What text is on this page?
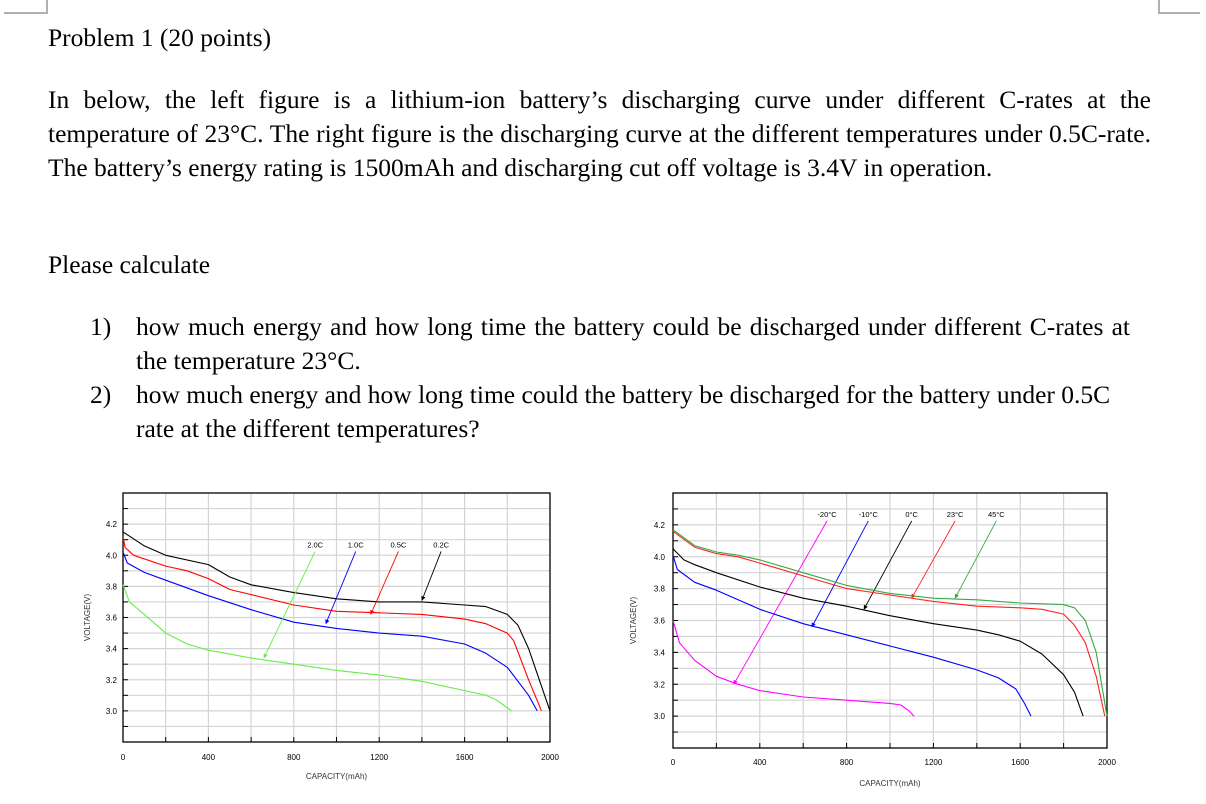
Problem 1 (20 points)
In below, the left figure is a lithium-ion battery’s discharging curve under different C-rates at the temperature of 23°C. The right figure is the discharging curve at the different temperatures under 0.5C-rate. The battery’s energy rating is 1500mAh and discharging cut off voltage is 3.4V in operation.
Please calculate
1) how much energy and how long time the battery could be discharged under different C-rates at the temperature 23°C.
2) how much energy and how long time could the battery be discharged for the battery under 0.5C rate at the different temperatures?
3.0
3.2
3.4
3.6
3.8
4.0
4.2
0	400	800	1200	1600	2000
CAPACITY(mAh)
VOLTAGE(V)
0.2C
0.5C
1.0C
2.0C
3.0
3.2
3.4
3.6
3.8
4.0
4.2
0	400	800	1200	1600	2000
CAPACITY(mAh)
VOLTAGE(V)
-20°C	-10°C	0°C	23°C	45°C
